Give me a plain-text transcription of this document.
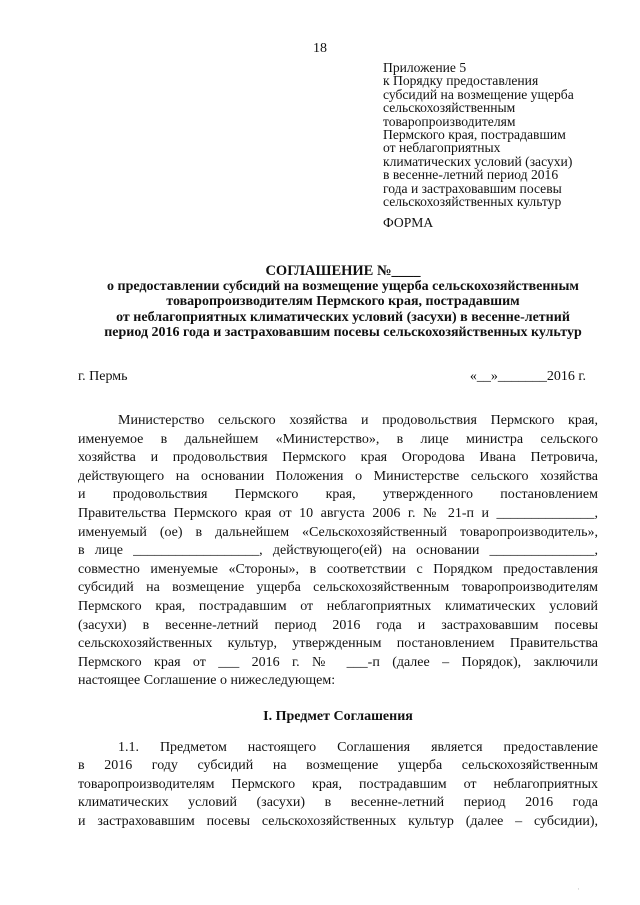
18
Приложение 5
к Порядку предоставления
субсидий на возмещение ущерба
сельскохозяйственным
товаропроизводителям
Пермского края, пострадавшим
от неблагоприятных
климатических условий (засухи)
в весенне-летний период 2016
года и застраховавшим посевы
сельскохозяйственных культур
ФОРМА
СОГЛАШЕНИЕ №____
о предоставлении субсидий на возмещение ущерба сельскохозяйственным
товаропроизводителям Пермского края, пострадавшим
от неблагоприятных климатических условий (засухи) в весенне-летний
период 2016 года и застраховавшим посевы сельскохозяйственных культур
г. Пермь	«__»_______2016 г.
Министерство сельского хозяйства и продовольствия Пермского края,
именуемое в дальнейшем «Министерство», в лице министра сельского
хозяйства и продовольствия Пермского края Огородова Ивана Петровича,
действующего на основании Положения о Министерстве сельского хозяйства
и продовольствия Пермского края, утвержденного постановлением
Правительства Пермского края от 10 августа 2006 г. № 21-п и ______________,
именуемый (ое) в дальнейшем «Сельскохозяйственный товаропроизводитель»,
в лице __________________, действующего(ей) на основании _______________,
совместно именуемые «Стороны», в соответствии с Порядком предоставления
субсидий на возмещение ущерба сельскохозяйственным товаропроизводителям
Пермского края, пострадавшим от неблагоприятных климатических условий
(засухи) в весенне-летний период 2016 года и застраховавшим посевы
сельскохозяйственных культур, утвержденным постановлением Правительства
Пермского края от ___ 2016 г. № ___-п (далее – Порядок), заключили
настоящее Соглашение о нижеследующем:
I. Предмет Соглашения
1.1. Предметом настоящего Соглашения является предоставление
в 2016 году субсидий на возмещение ущерба сельскохозяйственным
товаропроизводителям Пермского края, пострадавшим от неблагоприятных
климатических условий (засухи) в весенне-летний период 2016 года
и застраховавшим посевы сельскохозяйственных культур (далее – субсидии),
·
